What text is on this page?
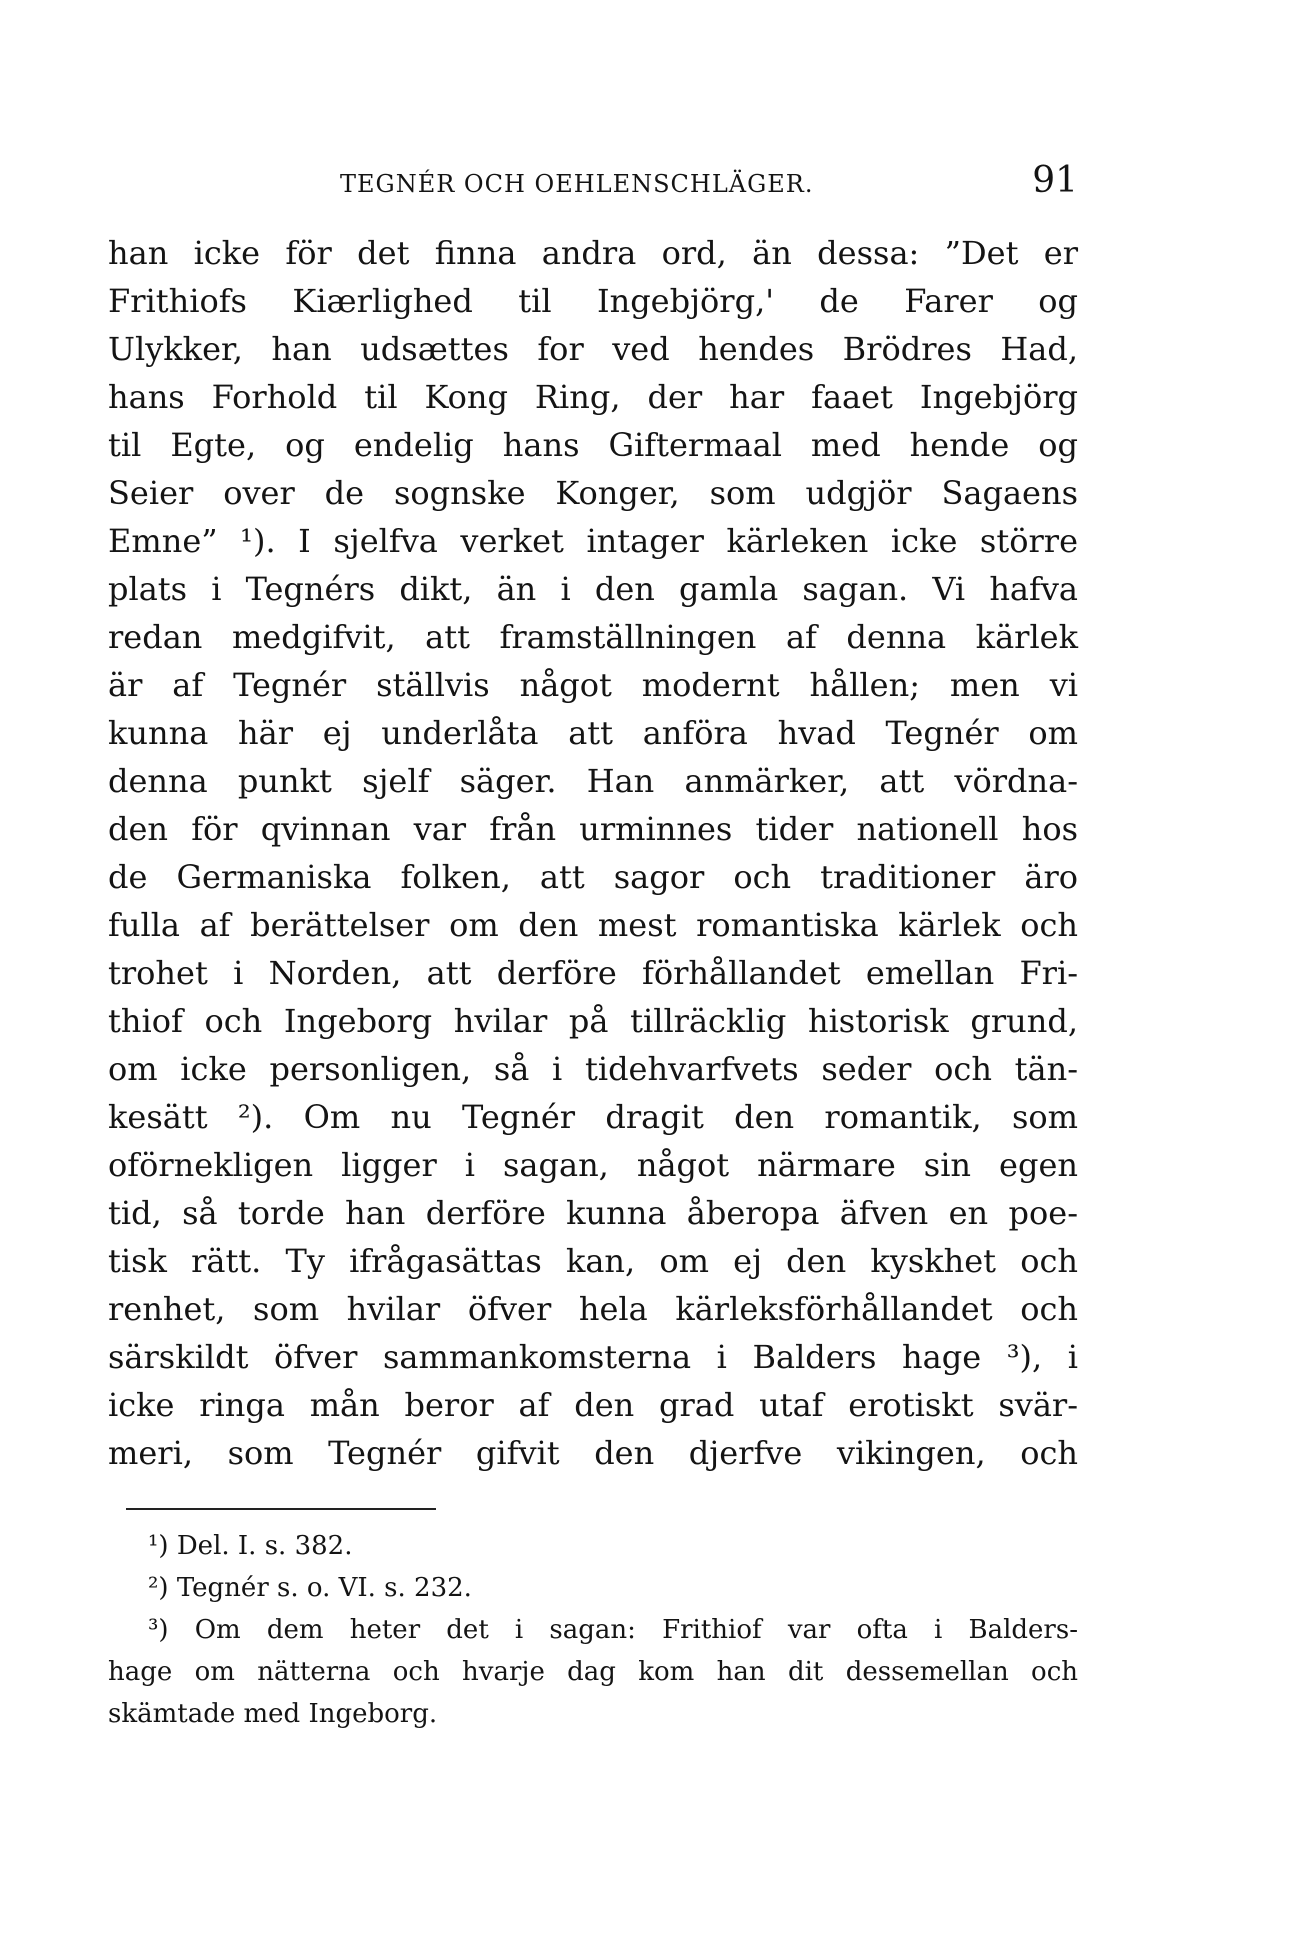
TEGNÉR OCH OEHLENSCHLÄGER.	91
han icke för det finna andra ord, än dessa: ”Det er
Frithiofs Kiærlighed til Ingebjörg,' de Farer og
Ulykker, han udsættes for ved hendes Brödres Had,
hans Forhold til Kong Ring, der har faaet Ingebjörg
til Egte, og endelig hans Giftermaal med hende og
Seier over de sognske Konger, som udgjör Sagaens
Emne” ¹). I sjelfva verket intager kärleken icke större
plats i Tegnérs dikt, än i den gamla sagan. Vi hafva
redan medgifvit, att framställningen af denna kärlek
är af Tegnér ställvis något modernt hållen; men vi
kunna här ej underlåta att anföra hvad Tegnér om
denna punkt sjelf säger. Han anmärker, att vördna-
den för qvinnan var från urminnes tider nationell hos
de Germaniska folken, att sagor och traditioner äro
fulla af berättelser om den mest romantiska kärlek och
trohet i Norden, att derföre förhållandet emellan Fri-
thiof och Ingeborg hvilar på tillräcklig historisk grund,
om icke personligen, så i tidehvarfvets seder och tän-
kesätt ²). Om nu Tegnér dragit den romantik, som
oförnekligen ligger i sagan, något närmare sin egen
tid, så torde han derföre kunna åberopa äfven en poe-
tisk rätt. Ty ifrågasättas kan, om ej den kyskhet och
renhet, som hvilar öfver hela kärleksförhållandet och
särskildt öfver sammankomsterna i Balders hage ³), i
icke ringa mån beror af den grad utaf erotiskt svär-
meri, som Tegnér gifvit den djerfve vikingen, och
¹) Del. I. s. 382.
²) Tegnér s. o. VI. s. 232.
³) Om dem heter det i sagan: Frithiof var ofta i Balders-
hage om nätterna och hvarje dag kom han dit dessemellan och
skämtade med Ingeborg.
